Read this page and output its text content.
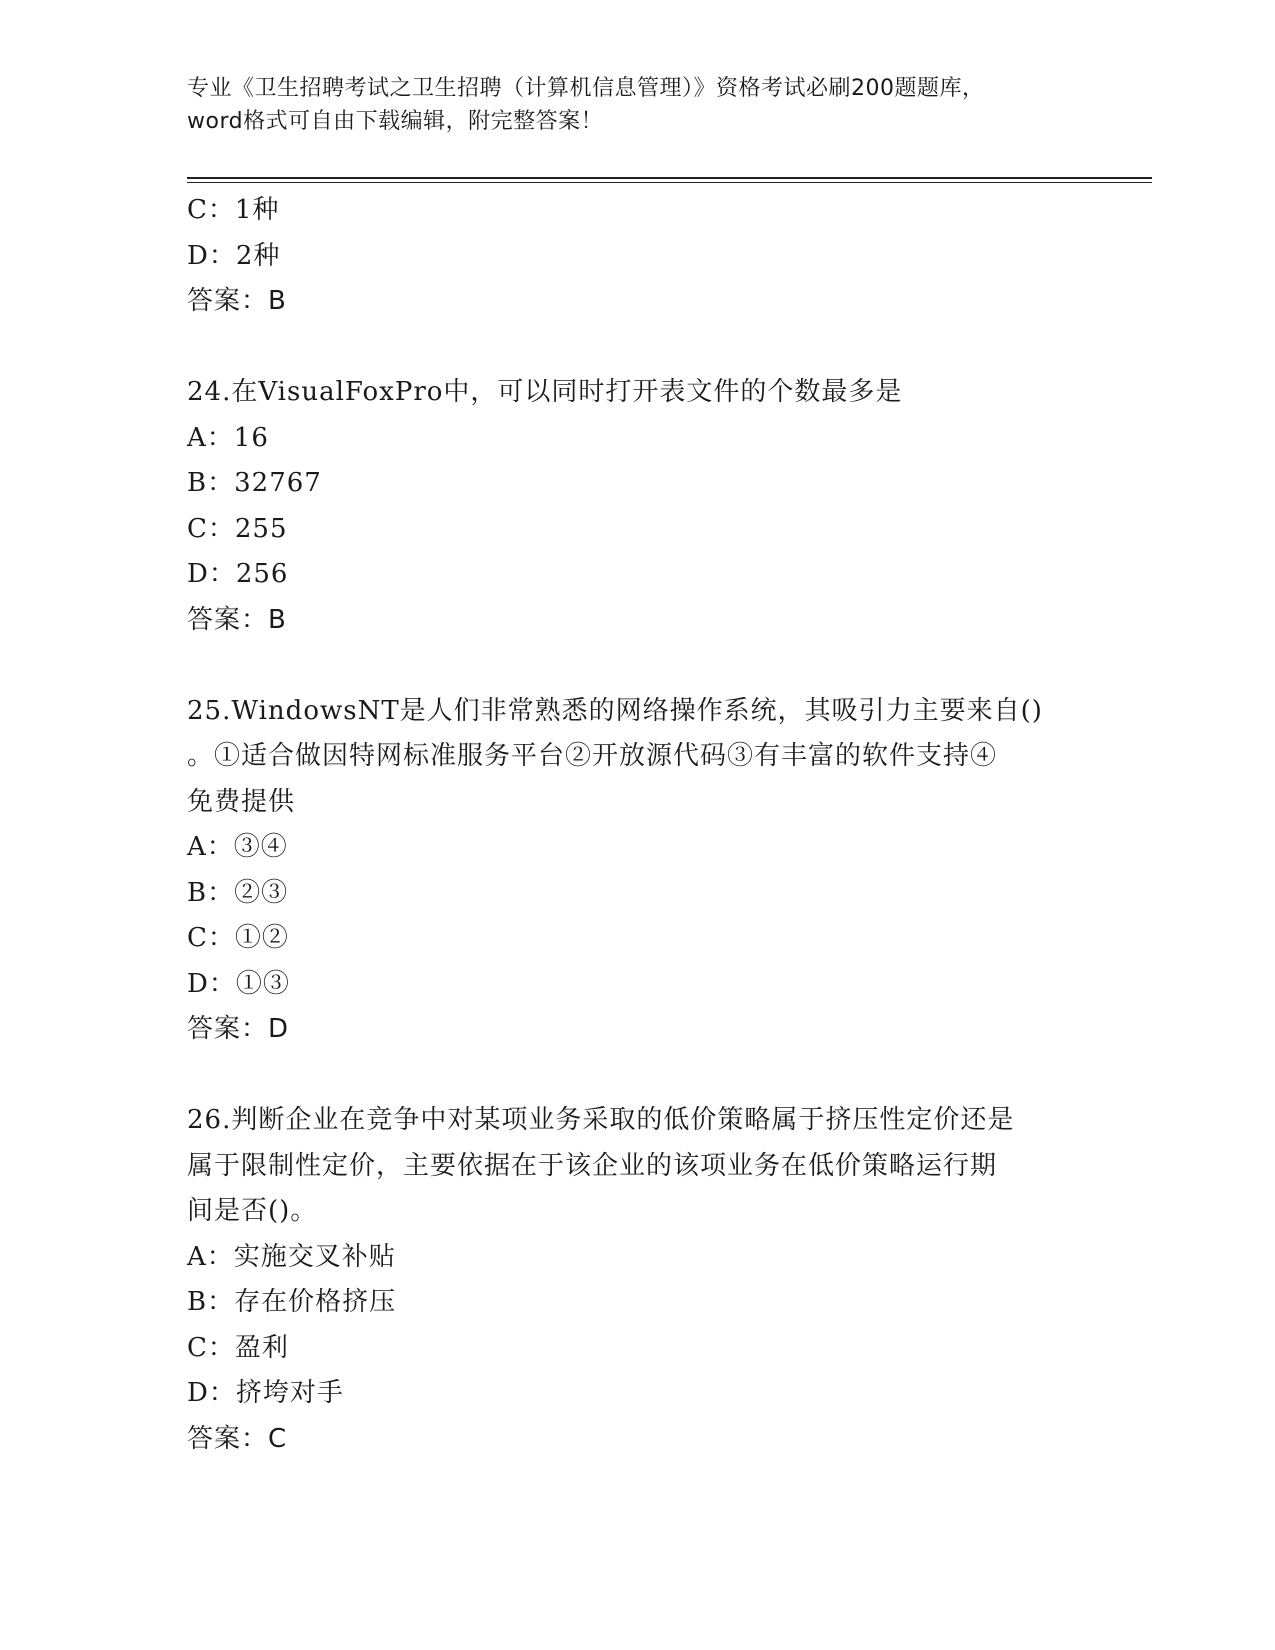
专业《卫生招聘考试之卫生招聘（计算机信息管理）》资格考试必刷200题题库，
word格式可自由下载编辑，附完整答案！
C：1种
D：2种
答案：B
24.在VisualFoxPro中，可以同时打开表文件的个数最多是
A：16
B：32767
C：255
D：256
答案：B
25.WindowsNT是人们非常熟悉的网络操作系统，其吸引力主要来自()
。①适合做因特网标准服务平台②开放源代码③有丰富的软件支持④
免费提供
A：③④
B：②③
C：①②
D：①③
答案：D
26.判断企业在竞争中对某项业务采取的低价策略属于挤压性定价还是
属于限制性定价，主要依据在于该企业的该项业务在低价策略运行期
间是否()。
A：实施交叉补贴
B：存在价格挤压
C：盈利
D：挤垮对手
答案：C
